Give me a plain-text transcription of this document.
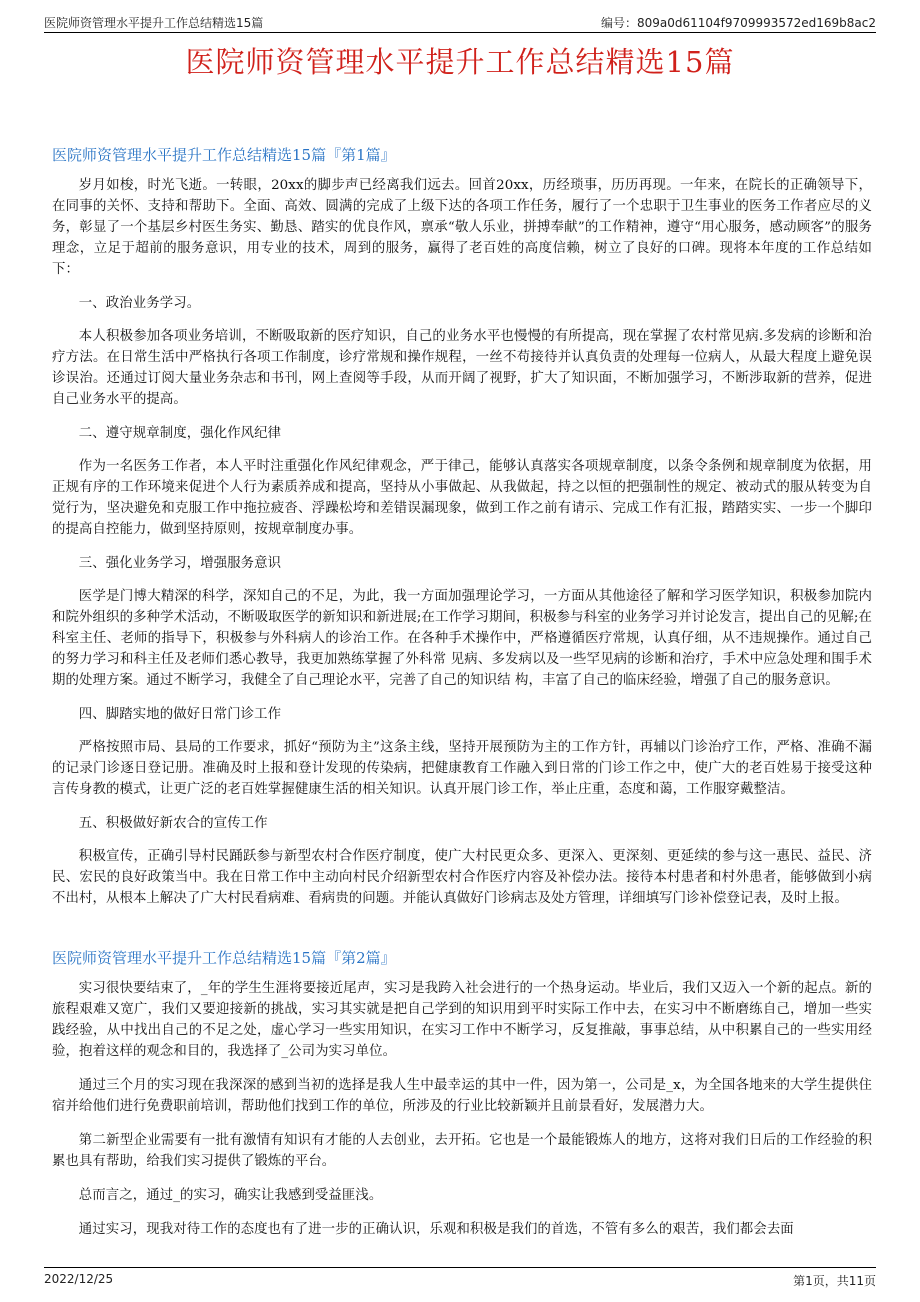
医院师资管理水平提升工作总结精选15篇	编号：809a0d61104f9709993572ed169b8ac2
医院师资管理水平提升工作总结精选15篇
医院师资管理水平提升工作总结精选15篇『第1篇』

岁月如梭，时光飞逝。一转眼，20xx的脚步声已经离我们远去。回首20xx，历经琐事，历历再现。一年来，在院长的正确领导下，在同事的关怀、支持和帮助下。全面、高效、圆满的完成了上级下达的各项工作任务，履行了一个忠职于卫生事业的医务工作者应尽的义务，彰显了一个基层乡村医生务实、勤恳、踏实的优良作风，禀承“敬人乐业，拼搏奉献”的工作精神，遵守“用心服务，感动顾客”的服务理念，立足于超前的服务意识，用专业的技术，周到的服务，赢得了老百姓的高度信赖，树立了良好的口碑。现将本年度的工作总结如下：

一、政治业务学习。

本人积极参加各项业务培训，不断吸取新的医疗知识，自己的业务水平也慢慢的有所提高，现在掌握了农村常见病.多发病的诊断和治疗方法。在日常生活中严格执行各项工作制度，诊疗常规和操作规程，一丝不苟接待并认真负责的处理每一位病人，从最大程度上避免误诊误治。还通过订阅大量业务杂志和书刊，网上查阅等手段，从而开阔了视野，扩大了知识面，不断加强学习，不断涉取新的营养，促进自己业务水平的提高。

二、遵守规章制度，强化作风纪律

作为一名医务工作者，本人平时注重强化作风纪律观念，严于律己，能够认真落实各项规章制度，以条令条例和规章制度为依据，用正规有序的工作环境来促进个人行为素质养成和提高，坚持从小事做起、从我做起，持之以恒的把强制性的规定、被动式的服从转变为自觉行为，坚决避免和克服工作中拖拉疲沓、浮躁松垮和差错误漏现象，做到工作之前有请示、完成工作有汇报，踏踏实实、一步一个脚印的提高自控能力，做到坚持原则，按规章制度办事。

三、强化业务学习，增强服务意识

医学是门博大精深的科学，深知自己的不足，为此，我一方面加强理论学习，一方面从其他途径了解和学习医学知识，积极参加院内和院外组织的多种学术活动，不断吸取医学的新知识和新进展;在工作学习期间，积极参与科室的业务学习并讨论发言，提出自己的见解;在科室主任、老师的指导下，积极参与外科病人的诊治工作。在各种手术操作中，严格遵循医疗常规，认真仔细，从不违规操作。通过自己的努力学习和科主任及老师们悉心教导，我更加熟练掌握了外科常 见病、多发病以及一些罕见病的诊断和治疗，手术中应急处理和围手术期的处理方案。通过不断学习，我健全了自己理论水平，完善了自己的知识结 构，丰富了自己的临床经验，增强了自己的服务意识。

四、脚踏实地的做好日常门诊工作

严格按照市局、县局的工作要求，抓好“预防为主”这条主线，坚持开展预防为主的工作方针，再辅以门诊治疗工作，严格、准确不漏的记录门诊逐日登记册。准确及时上报和登计发现的传染病，把健康教育工作融入到日常的门诊工作之中，使广大的老百姓易于接受这种言传身教的模式，让更广泛的老百姓掌握健康生活的相关知识。认真开展门诊工作，举止庄重，态度和蔼，工作服穿戴整洁。

五、积极做好新农合的宣传工作

积极宣传，正确引导村民踊跃参与新型农村合作医疗制度，使广大村民更众多、更深入、更深刻、更延续的参与这一惠民、益民、济民、宏民的良好政策当中。我在日常工作中主动向村民介绍新型农村合作医疗内容及补偿办法。接待本村患者和村外患者，能够做到小病不出村，从根本上解决了广大村民看病难、看病贵的问题。并能认真做好门诊病志及处方管理，详细填写门诊补偿登记表，及时上报。

医院师资管理水平提升工作总结精选15篇『第2篇』

实习很快要结束了，_年的学生生涯将要接近尾声，实习是我跨入社会进行的一个热身运动。毕业后，我们又迈入一个新的起点。新的旅程艰难又宽广，我们又要迎接新的挑战，实习其实就是把自己学到的知识用到平时实际工作中去，在实习中不断磨练自己，增加一些实践经验，从中找出自己的不足之处，虚心学习一些实用知识，在实习工作中不断学习，反复推敲，事事总结，从中积累自己的一些实用经验，抱着这样的观念和目的，我选择了_公司为实习单位。

通过三个月的实习现在我深深的感到当初的选择是我人生中最幸运的其中一件，因为第一，公司是_x，为全国各地来的大学生提供住宿并给他们进行免费职前培训，帮助他们找到工作的单位，所涉及的行业比较新颖并且前景看好，发展潜力大。

第二新型企业需要有一批有激情有知识有才能的人去创业，去开拓。它也是一个最能锻炼人的地方，这将对我们日后的工作经验的积累也具有帮助，给我们实习提供了锻炼的平台。

总而言之，通过_的实习，确实让我感到受益匪浅。

通过实习，现我对待工作的态度也有了进一步的正确认识，乐观和积极是我们的首选，不管有多么的艰苦，我们都会去面

2022/12/25	第1页，共11页
